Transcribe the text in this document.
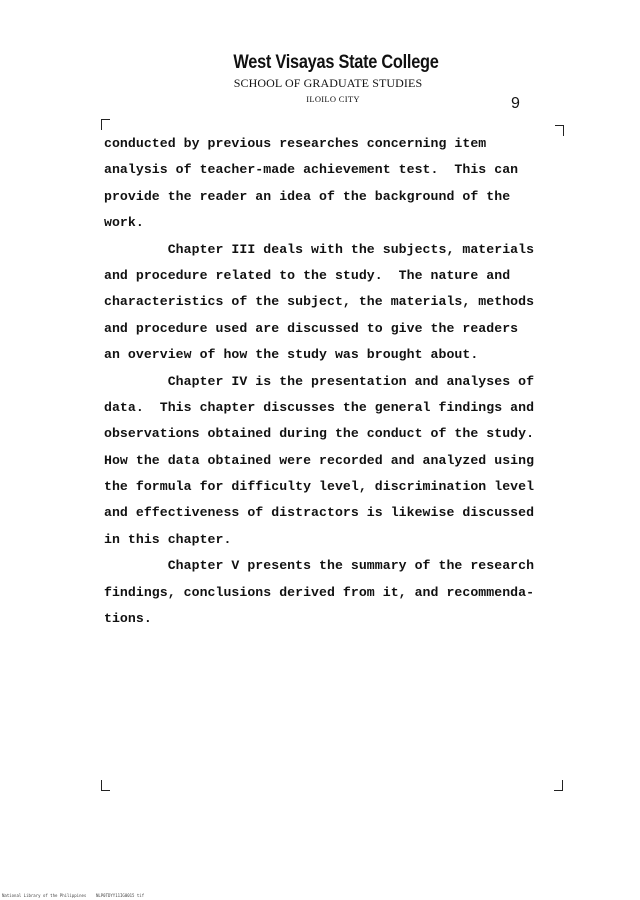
West Visayas State College
SCHOOL OF GRADUATE STUDIES
ILOILO CITY	9
conducted by previous researches concerning item
analysis of teacher-made achievement test.  This can
provide the reader an idea of the background of the
work.
Chapter III deals with the subjects, materials
and procedure related to the study.  The nature and
characteristics of the subject, the materials, methods
and procedure used are discussed to give the readers
an overview of how the study was brought about.
Chapter IV is the presentation and analyses of
data.  This chapter discusses the general findings and
observations obtained during the conduct of the study.
How the data obtained were recorded and analyzed using
the formula for difficulty level, discrimination level
and effectiveness of distractors is likewise discussed
in this chapter.
Chapter V presents the summary of the research
findings, conclusions derived from it, and recommenda-
tions.
National Library of the Philippines NLP0TDYY11IG0015 tif
